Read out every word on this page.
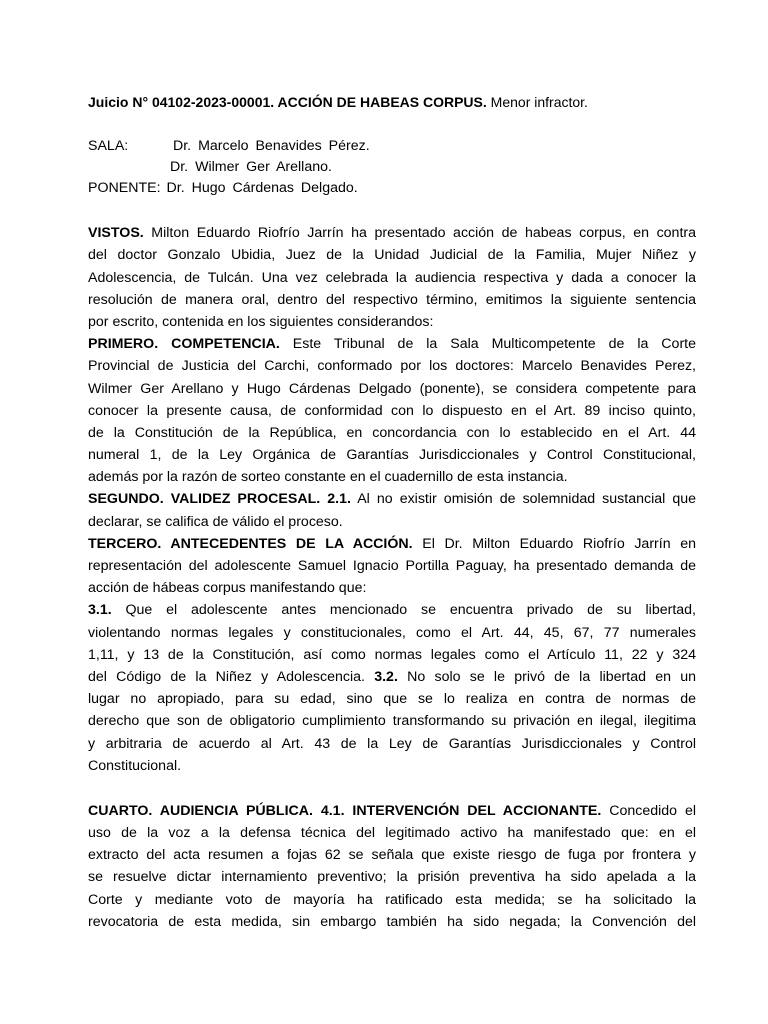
Juicio N° 04102-2023-00001. ACCIÓN DE HABEAS CORPUS. Menor infractor.
SALA:	Dr. Marcelo Benavides Pérez.
Dr. Wilmer Ger Arellano.
PONENTE: Dr. Hugo Cárdenas Delgado.
VISTOS. Milton Eduardo Riofrío Jarrín ha presentado acción de habeas corpus, en contra
del doctor Gonzalo Ubidia, Juez de la Unidad Judicial de la Familia, Mujer Niñez y
Adolescencia, de Tulcán. Una vez celebrada la audiencia respectiva y dada a conocer la
resolución de manera oral, dentro del respectivo término, emitimos la siguiente sentencia
por escrito, contenida en los siguientes considerandos:
PRIMERO. COMPETENCIA. Este Tribunal de la Sala Multicompetente de la Corte
Provincial de Justicia del Carchi, conformado por los doctores: Marcelo Benavides Perez,
Wilmer Ger Arellano y Hugo Cárdenas Delgado (ponente), se considera competente para
conocer la presente causa, de conformidad con lo dispuesto en el Art. 89 inciso quinto,
de la Constitución de la República, en concordancia con lo establecido en el Art. 44
numeral 1, de la Ley Orgánica de Garantías Jurisdiccionales y Control Constitucional,
además por la razón de sorteo constante en el cuadernillo de esta instancia.
SEGUNDO. VALIDEZ PROCESAL. 2.1. Al no existir omisión de solemnidad sustancial que
declarar, se califica de válido el proceso.
TERCERO. ANTECEDENTES DE LA ACCIÓN. El Dr. Milton Eduardo Riofrío Jarrín en
representación del adolescente Samuel Ignacio Portilla Paguay, ha presentado demanda de
acción de hábeas corpus manifestando que:
3.1. Que el adolescente antes mencionado se encuentra privado de su libertad,
violentando normas legales y constitucionales, como el Art. 44, 45, 67, 77 numerales
1,11, y 13 de la Constitución, así como normas legales como el Artículo 11, 22 y 324
del Código de la Niñez y Adolescencia. 3.2. No solo se le privó de la libertad en un
lugar no apropiado, para su edad, sino que se lo realiza en contra de normas de
derecho que son de obligatorio cumplimiento transformando su privación en ilegal, ilegitima
y arbitraria de acuerdo al Art. 43 de la Ley de Garantías Jurisdiccionales y Control
Constitucional.
CUARTO. AUDIENCIA PÚBLICA. 4.1. INTERVENCIÓN DEL ACCIONANTE. Concedido el
uso de la voz a la defensa técnica del legitimado activo ha manifestado que: en el
extracto del acta resumen a fojas 62 se señala que existe riesgo de fuga por frontera y
se resuelve dictar internamiento preventivo; la prisión preventiva ha sido apelada a la
Corte y mediante voto de mayoría ha ratificado esta medida; se ha solicitado la
revocatoria de esta medida, sin embargo también ha sido negada; la Convención del
